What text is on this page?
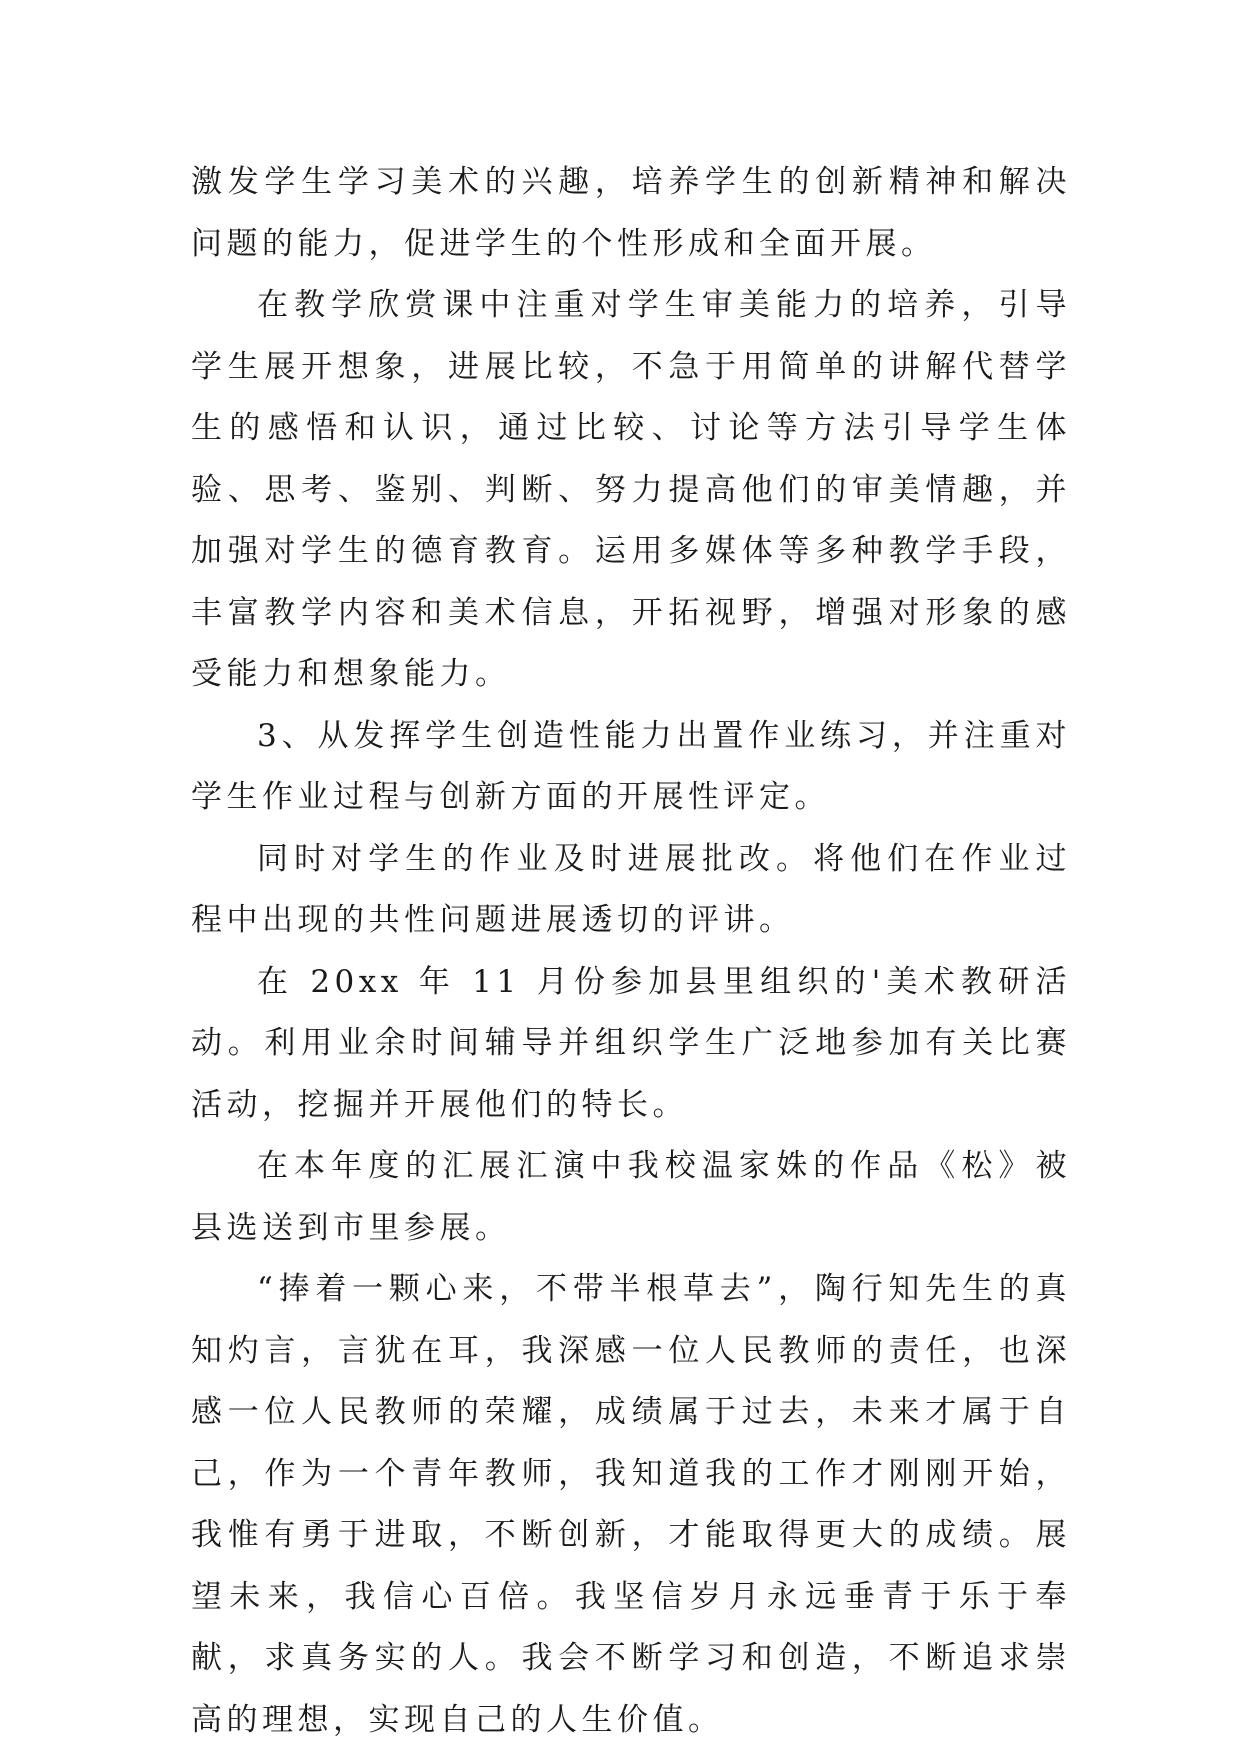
激发学生学习美术的兴趣，培养学生的创新精神和解决问题的能力，促进学生的个性形成和全面开展。

在教学欣赏课中注重对学生审美能力的培养，引导学生展开想象，进展比较，不急于用简单的讲解代替学生的感悟和认识，通过比较、讨论等方法引导学生体验、思考、鉴别、判断、努力提高他们的审美情趣，并加强对学生的德育教育。运用多媒体等多种教学手段，丰富教学内容和美术信息，开拓视野，增强对形象的感受能力和想象能力。

3、从发挥学生创造性能力出置作业练习，并注重对学生作业过程与创新方面的开展性评定。

同时对学生的作业及时进展批改。将他们在作业过程中出现的共性问题进展透切的评讲。

在 20xx 年 11 月份参加县里组织的'美术教研活动。利用业余时间辅导并组织学生广泛地参加有关比赛活动，挖掘并开展他们的特长。

在本年度的汇展汇演中我校温家姝的作品《松》被县选送到市里参展。

“捧着一颗心来，不带半根草去”，陶行知先生的真知灼言，言犹在耳，我深感一位人民教师的责任，也深感一位人民教师的荣耀，成绩属于过去，未来才属于自己，作为一个青年教师，我知道我的工作才刚刚开始，我惟有勇于进取，不断创新，才能取得更大的成绩。展望未来，我信心百倍。我坚信岁月永远垂青于乐于奉献，求真务实的人。我会不断学习和创造，不断追求崇高的理想，实现自己的人生价值。
